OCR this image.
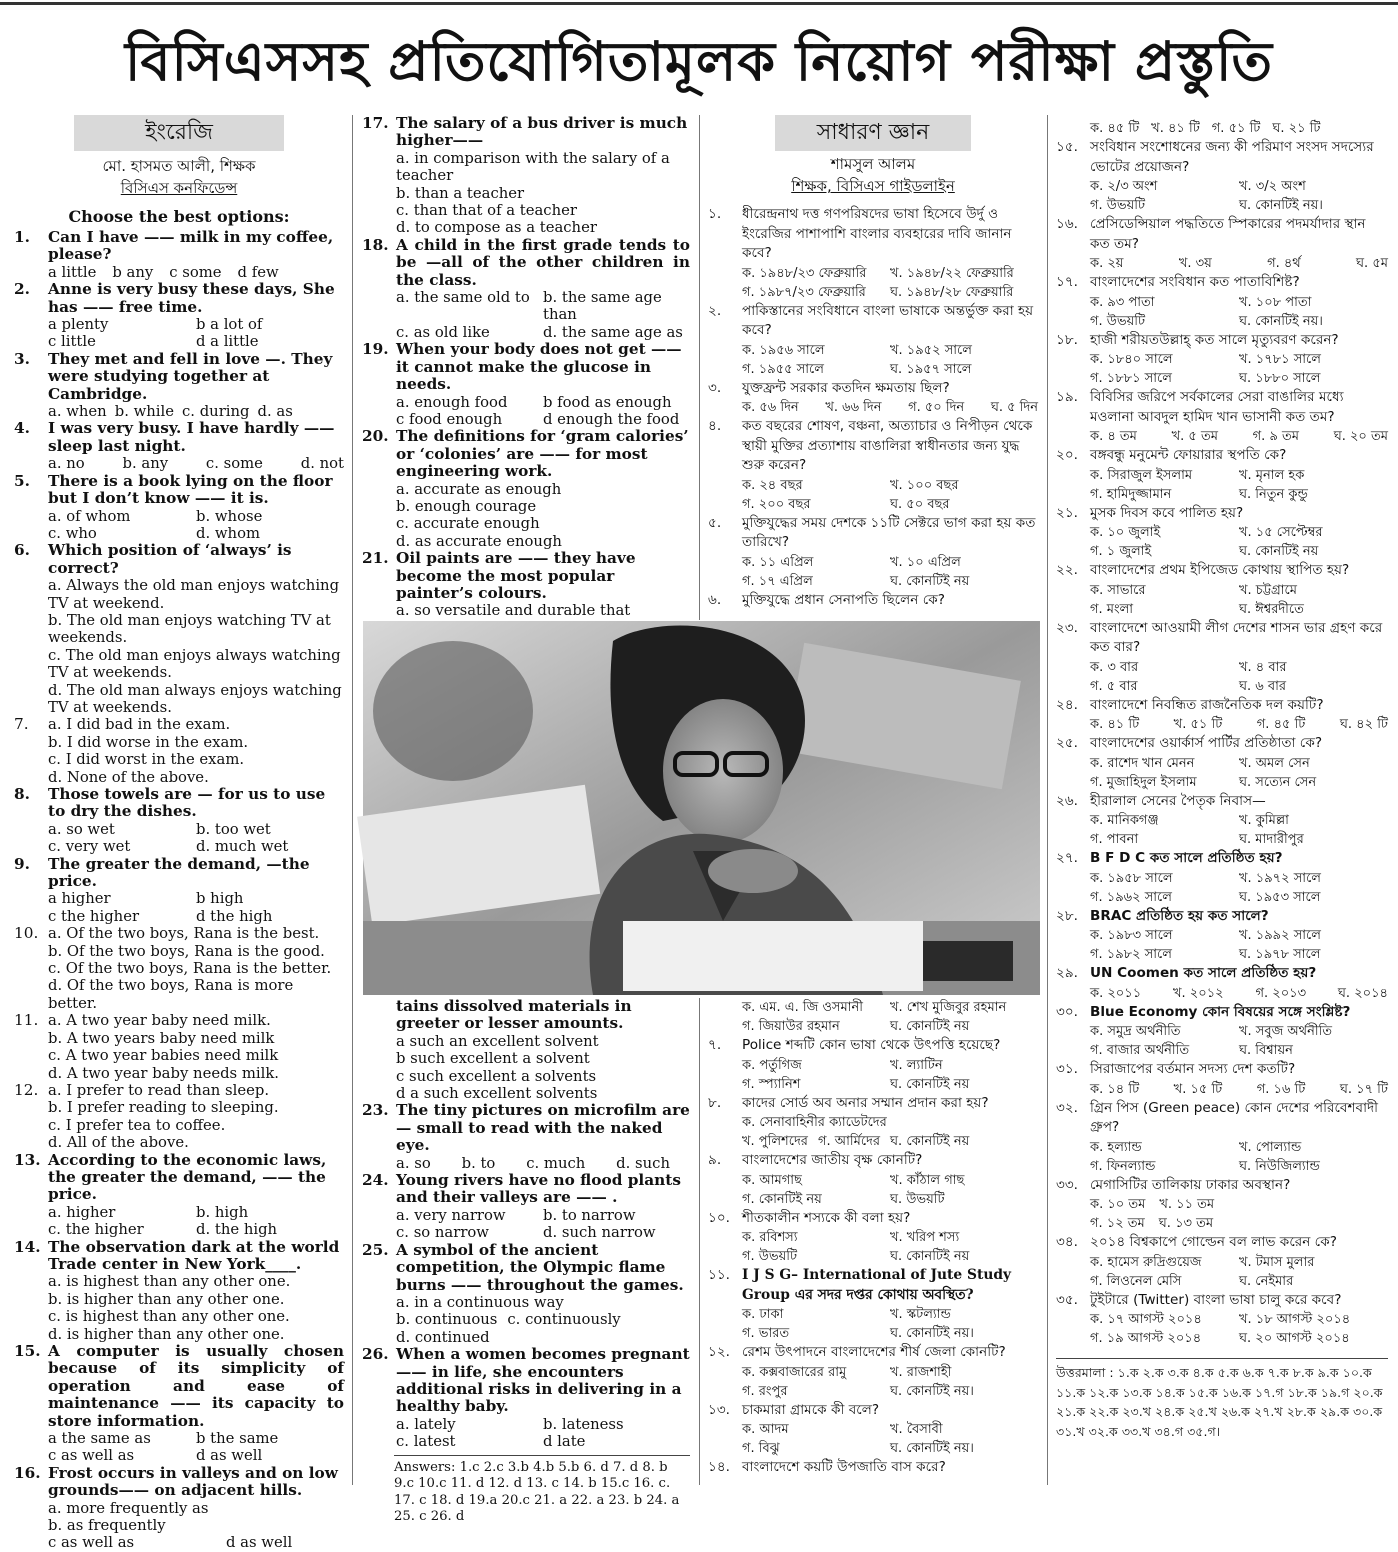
বিসিএসসহ প্রতিযোগিতামূলক নিয়োগ পরীক্ষা প্রস্তুতি
ইংরেজি
মো. হাসমত আলী, শিক্ষক
বিসিএস কনফিডেন্স
Choose the best options:
1. Can I have —— milk in my coffee, please?
a little b any c some d few
2. Anne is very busy these days, She has —— free time.
a plenty	b a lot of
c little	d a little
3. They met and fell in love —. They were studying together at Cambridge.
a. when b. while c. during d. as
4. I was very busy. I have hardly —— sleep last night.
a. no	b. any	c. some	d. not
5. There is a book lying on the floor but I don’t know —— it is.
a. of whom	b. whose
c. who	d. whom
6. Which position of ‘always’ is correct?
a. Always the old man enjoys watching TV at weekend.
b. The old man enjoys watching TV at weekends.
c. The old man enjoys always watching TV at weekends.
d. The old man always enjoys watching TV at weekends.
7. a. I did bad in the exam.
b. I did worse in the exam.
c. I did worst in the exam.
d. None of the above.
8. Those towels are — for us to use to dry the dishes.
a. so wet	b. too wet
c. very wet	d. much wet
9. The greater the demand, —the price.
a higher	b high
c the higher	d the high
10. a. Of the two boys, Rana is the best.
b. Of the two boys, Rana is the good.
c. Of the two boys, Rana is the better.
d. Of the two boys, Rana is more better.
11. a. A two year baby need milk.
b. A two years baby need milk
c. A two year babies need milk
d. A two year baby needs milk.
12. a. I prefer to read than sleep.
b. I prefer reading to sleeping.
c. I prefer tea to coffee.
d. All of the above.
13. According to the economic laws, the greater the demand, —— the price.
a. higher	b. high
c. the higher	d. the high
14. The observation dark at the world Trade center in New York____.
a. is highest than any other one.
b. is higher than any other one.
c. is highest than any other one.
d. is higher than any other one.
15. A computer is usually chosen because of its simplicity of operation and ease of maintenance —— its capacity to store information.
a the same as	b the same
c as well as	d as well
16. Frost occurs in valleys and on low grounds—— on adjacent hills.
a. more frequently as
b. as frequently
c as well as	d as well
17. The salary of a bus driver is much higher——
a. in comparison with the salary of a teacher
b. than a teacher
c. than that of a teacher
d. to compose as a teacher
18. A child in the first grade tends to be —all of the other children in the class.
a. the same old to b. the same age than
c. as old like	d. the same age as
19. When your body does not get —— it cannot make the glucose in needs.
a. enough food	b food as enough
c food enough	d enough the food
20. The definitions for ‘gram calories’ or ‘colonies’ are —— for most engineering work.
a. accurate as enough
b. enough courage
c. accurate enough
d. as accurate enough
21. Oil paints are —— they have become the most popular painter’s colours.
a. so versatile and durable that
tains dissolved materials in greeter or lesser amounts.
a such an excellent solvent
b such excellent a solvent
c such excellent a solvents
d a such excellent solvents
23. The tiny pictures on microfilm are— small to read with the naked eye.
a. so b. to c. much d. such
24. Young rivers have no flood plants and their valleys are —— .
a. very narrow	b. to narrow
c. so narrow	d. such narrow
25. A symbol of the ancient competition, the Olympic flame burns —— throughout the games.
a. in a continuous way
b. continuous c. continuously
d. continued
26. When a women becomes pregnant —— in life, she encounters additional risks in delivering in a healthy baby.
a. lately	b. lateness
c. latest	d late
Answers: 1.c 2.c 3.b 4.b 5.b 6. d 7. d 8. b 9.c 10.c 11. d 12. d 13. c 14. b 15.c 16. c. 17. c 18. d 19.a 20.c 21. a 22. a 23. b 24. a 25. c 26. d
সাধারণ জ্ঞান
শামসুল আলম
শিক্ষক, বিসিএস গাইডলাইন
১. ধীরেন্দ্রনাথ দত্ত গণপরিষদের ভাষা হিসেবে উর্দু ও ইংরেজির পাশাপাশি বাংলার ব্যবহারের দাবি জানান কবে?
ক. ১৯৪৮/২৩ ফেব্রুয়ারি	খ. ১৯৪৮/২২ ফেব্রুয়ারি
গ. ১৯৮৭/২৩ ফেব্রুয়ারি	ঘ. ১৯৪৮/২৮ ফেব্রুয়ারি
২. পাকিস্তানের সংবিধানে বাংলা ভাষাকে অন্তর্ভুক্ত করা হয় কবে?
ক. ১৯৫৬ সালে	খ. ১৯৫২ সালে
গ. ১৯৫৫ সালে	ঘ. ১৯৫৭ সালে
৩. যুক্তফ্রন্ট সরকার কতদিন ক্ষমতায় ছিল?
ক. ৫৬ দিন খ. ৬৬ দিন গ. ৫০ দিন ঘ. ৫ দিন
৪. কত বছরের শোষণ, বঞ্চনা, অত্যাচার ও নিপীড়ন থেকে স্থায়ী মুক্তির প্রত্যাশায় বাঙালিরা স্বাধীনতার জন্য যুদ্ধ শুরু করেন?
ক. ২৪ বছর	খ. ১০০ বছর
গ. ২০০ বছর	ঘ. ৫০ বছর
৫. মুক্তিযুদ্ধের সময় দেশকে ১১টি সেক্টরে ভাগ করা হয় কত তারিখে?
ক. ১১ এপ্রিল	খ. ১০ এপ্রিল
গ. ১৭ এপ্রিল	ঘ. কোনটিই নয়
৬. মুক্তিযুদ্ধে প্রধান সেনাপতি ছিলেন কে?
ক. এম. এ. জি ওসমানী	খ. শেখ মুজিবুর রহমান
গ. জিয়াউর রহমান	ঘ. কোনটিই নয়
৭. Police শব্দটি কোন ভাষা থেকে উৎপত্তি হয়েছে?
ক. পর্তুগিজ	খ. ল্যাটিন
গ. স্প্যানিশ	ঘ. কোনটিই নয়
৮. কাদের সোর্ড অব অনার সম্মান প্রদান করা হয়?
ক. সেনাবাহিনীর ক্যাডেটদের
খ. পুলিশদের গ. আর্মিদের ঘ. কোনটিই নয়
৯. বাংলাদেশের জাতীয় বৃক্ষ কোনটি?
ক. আমগাছ	খ. কাঁঠাল গাছ
গ. কোনটিই নয়	ঘ. উভয়টি
১০. শীতকালীন শস্যকে কী বলা হয়?
ক. রবিশস্য	খ. খরিপ শস্য
গ. উভয়টি	ঘ. কোনটিই নয়
১১. I J S G– International of Jute Study Group এর সদর দপ্তর কোথায় অবস্থিত?
ক. ঢাকা	খ. স্কটল্যান্ড
গ. ভারত	ঘ. কোনটিই নয়।
১২. রেশম উৎপাদনে বাংলাদেশের শীর্ষ জেলা কোনটি?
ক. কক্সবাজারের রামু	খ. রাজশাহী
গ. রংপুর	ঘ. কোনটিই নয়।
১৩. চাকমারা গ্রামকে কী বলে?
ক. আদম	খ. বৈসাবী
গ. বিঝু	ঘ. কোনটিই নয়।
১৪. বাংলাদেশে কয়টি উপজাতি বাস করে?
ক. ৪৫ টি খ. ৪১ টি গ. ৫১ টি ঘ. ২১ টি
১৫. সংবিধান সংশোধনের জন্য কী পরিমাণ সংসদ সদস্যের ভোটের প্রয়োজন?
ক. ২/৩ অংশ	খ. ৩/২ অংশ
গ. উভয়টি	ঘ. কোনটিই নয়।
১৬. প্রেসিডেন্সিয়াল পদ্ধতিতে স্পিকারের পদমর্যাদার স্থান কত তম?
ক. ২য়	খ. ৩য়	গ. ৪র্থ	ঘ. ৫ম
১৭. বাংলাদেশের সংবিধান কত পাতাবিশিষ্ট?
ক. ৯৩ পাতা	খ. ১০৮ পাতা
গ. উভয়টি	ঘ. কোনটিই নয়।
১৮. হাজী শরীয়তউল্লাহ্ কত সালে মৃত্যুবরণ করেন?
ক. ১৮৪০ সালে	খ. ১৭৮১ সালে
গ. ১৮৮১ সালে	ঘ. ১৮৮০ সালে
১৯. বিবিসির জরিপে সর্বকালের সেরা বাঙালির মধ্যে মওলানা আবদুল হামিদ খান ভাসানী কত তম?
ক. ৪ তম	খ. ৫ তম	গ. ৯ তম	ঘ. ২০ তম
২০. বঙ্গবন্ধু মনুমেন্ট ফোয়ারার স্থপতি কে?
ক. সিরাজুল ইসলাম	খ. মৃনাল হক
গ. হামিদুজ্জামান	ঘ. নিতুন কুন্ডু
২১. মুসক দিবস কবে পালিত হয়?
ক. ১০ জুলাই	খ. ১৫ সেপ্টেম্বর
গ. ১ জুলাই	ঘ. কোনটিই নয়
২২. বাংলাদেশের প্রথম ইপিজেড কোথায় স্থাপিত হয়?
ক. সাভারে	খ. চট্টগ্রামে
গ. মংলা	ঘ. ঈশ্বরদীতে
২৩. বাংলাদেশে আওয়ামী লীগ দেশের শাসন ভার গ্রহণ করে কত বার?
ক. ৩ বার	খ. ৪ বার
গ. ৫ বার	ঘ. ৬ বার
২৪. বাংলাদেশে নিবন্ধিত রাজনৈতিক দল কয়টি?
ক. ৪১ টি	খ. ৫১ টি	গ. ৪৫ টি	ঘ. ৪২ টি
২৫. বাংলাদেশের ওয়ার্কার্স পার্টির প্রতিষ্ঠাতা কে?
ক. রাশেদ খান মেনন	খ. অমল সেন
গ. মুজাহিদুল ইসলাম	ঘ. সত্যেন সেন
২৬. হীরালাল সেনের পৈতৃক নিবাস—
ক. মানিকগঞ্জ	খ. কুমিল্লা
গ. পাবনা	ঘ. মাদারীপুর
২৭. B F D C কত সালে প্রতিষ্ঠিত হয়?
ক. ১৯৫৮ সালে	খ. ১৯৭২ সালে
গ. ১৯৬২ সালে	ঘ. ১৯৫৩ সালে
২৮. BRAC প্রতিষ্ঠিত হয় কত সালে?
ক. ১৯৮৩ সালে	খ. ১৯৯২ সালে
গ. ১৯৮২ সালে	ঘ. ১৯৭৮ সালে
২৯. UN Coomen কত সালে প্রতিষ্ঠিত হয়?
ক. ২০১১ খ. ২০১২ গ. ২০১৩ ঘ. ২০১৪
৩০. Blue Economy কোন বিষয়ের সঙ্গে সংশ্লিষ্ট?
ক. সমুদ্র অর্থনীতি	খ. সবুজ অর্থনীতি
গ. বাজার অর্থনীতি	ঘ. বিশ্বায়ন
৩১. সিরাজাপের বর্তমান সদস্য দেশ কতটি?
ক. ১৪ টি	খ. ১৫ টি	গ. ১৬ টি	ঘ. ১৭ টি
৩২. গ্রিন পিস (Green peace) কোন দেশের পরিবেশবাদী গ্রুপ?
ক. হল্যান্ড	খ. পোল্যান্ড
গ. ফিনল্যান্ড	ঘ. নিউজিল্যান্ড
৩৩. মেগাসিটির তালিকায় ঢাকার অবস্থান?
ক. ১০ তম খ. ১১ তম
গ. ১২ তম ঘ. ১৩ তম
৩৪. ২০১৪ বিশ্বকাপে গোল্ডেন বল লাভ করেন কে?
ক. হামেস রুদ্রিগুয়েজ	খ. টমাস মুলার
গ. লিওনেল মেসি	ঘ. নেইমার
৩৫. টুইটারে (Twitter) বাংলা ভাষা চালু করে কবে?
ক. ১৭ আগস্ট ২০১৪	খ. ১৮ আগস্ট ২০১৪
গ. ১৯ আগস্ট ২০১৪	ঘ. ২০ আগস্ট ২০১৪
উত্তরমালা : ১.ক ২.ক ৩.ক ৪.ক ৫.ক ৬.ক ৭.ক ৮.ক ৯.ক ১০.ক ১১.ক ১২.ক ১৩.ক ১৪.ক ১৫.ক ১৬.ক ১৭.গ ১৮.ক ১৯.গ ২০.ক ২১.ক ২২.ক ২৩.খ ২৪.ক ২৫.খ ২৬.ক ২৭.খ ২৮.ক ২৯.ক ৩০.ক ৩১.খ ৩২.ক ৩৩.খ ৩৪.গ ৩৫.গ।
